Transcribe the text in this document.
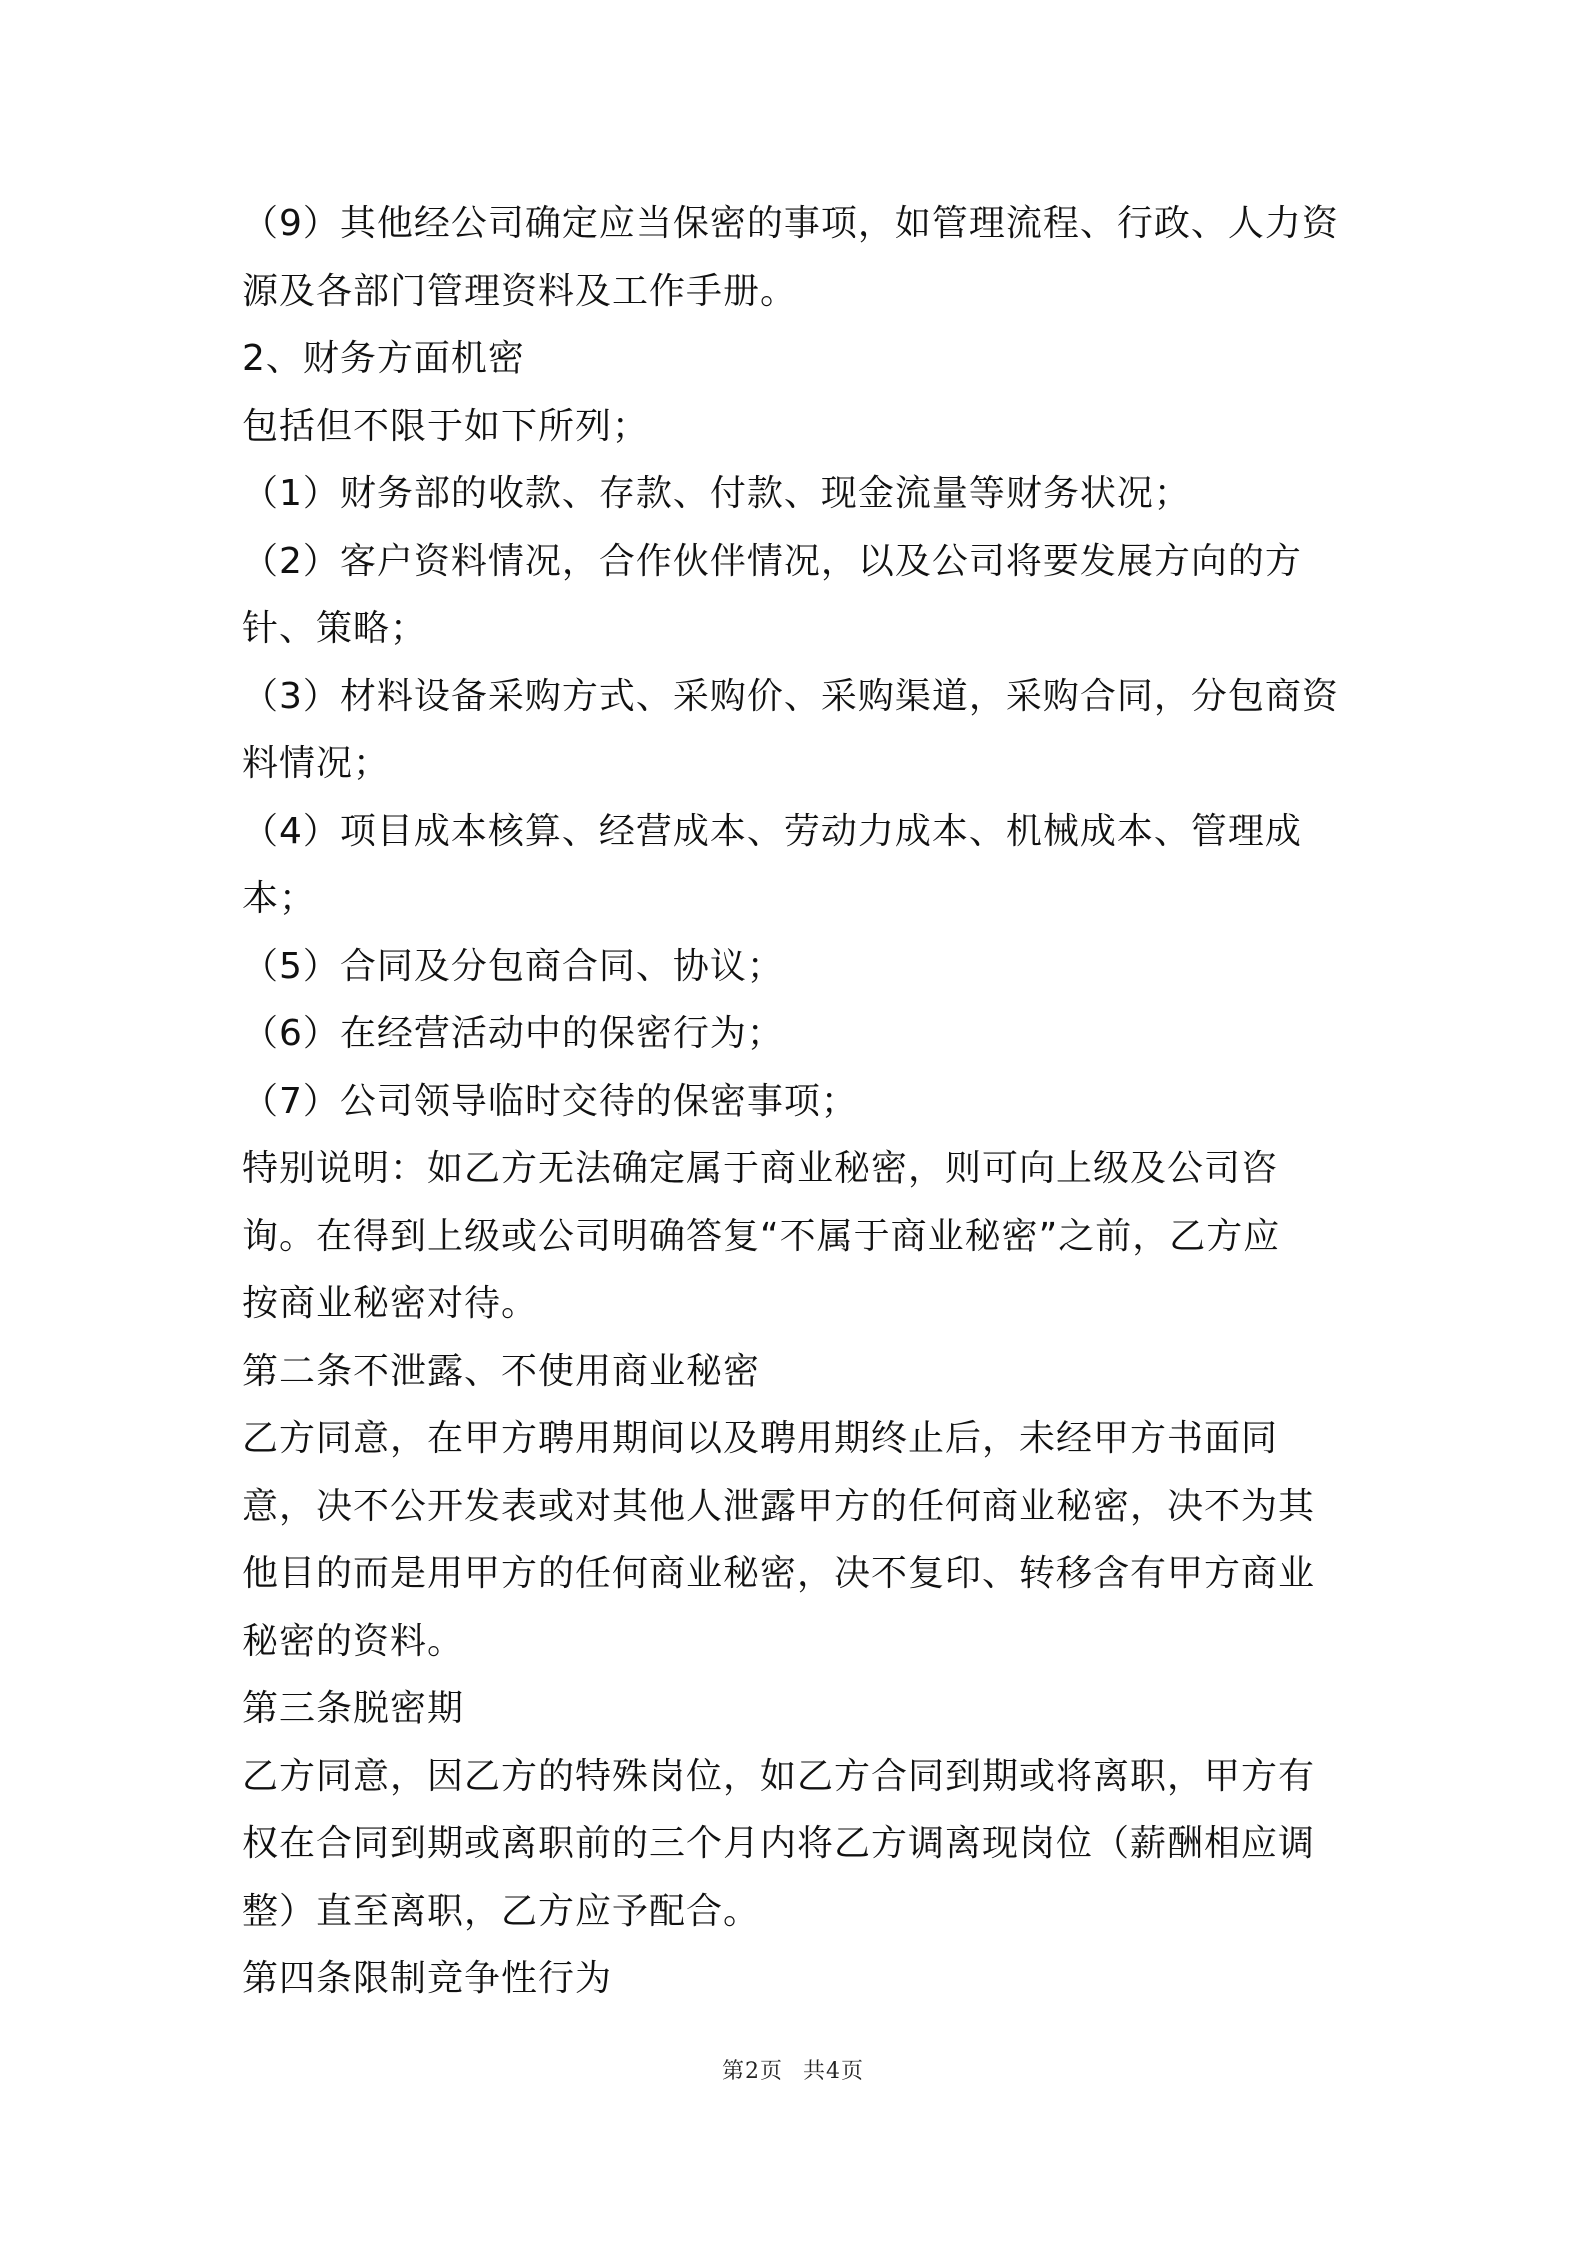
（9）其他经公司确定应当保密的事项，如管理流程、行政、人力资
源及各部门管理资料及工作手册。
2、财务方面机密
包括但不限于如下所列；
（1）财务部的收款、存款、付款、现金流量等财务状况；
（2）客户资料情况，合作伙伴情况，以及公司将要发展方向的方
针、策略；
（3）材料设备采购方式、采购价、采购渠道，采购合同，分包商资
料情况；
（4）项目成本核算、经营成本、劳动力成本、机械成本、管理成
本；
（5）合同及分包商合同、协议；
（6）在经营活动中的保密行为；
（7）公司领导临时交待的保密事项；
特别说明：如乙方无法确定属于商业秘密，则可向上级及公司咨
询。在得到上级或公司明确答复“不属于商业秘密”之前，乙方应
按商业秘密对待。
第二条不泄露、不使用商业秘密
乙方同意，在甲方聘用期间以及聘用期终止后，未经甲方书面同
意，决不公开发表或对其他人泄露甲方的任何商业秘密，决不为其
他目的而是用甲方的任何商业秘密，决不复印、转移含有甲方商业
秘密的资料。
第三条脱密期
乙方同意，因乙方的特殊岗位，如乙方合同到期或将离职，甲方有
权在合同到期或离职前的三个月内将乙方调离现岗位（薪酬相应调
整）直至离职，乙方应予配合。
第四条限制竞争性行为
第2页 共4页
